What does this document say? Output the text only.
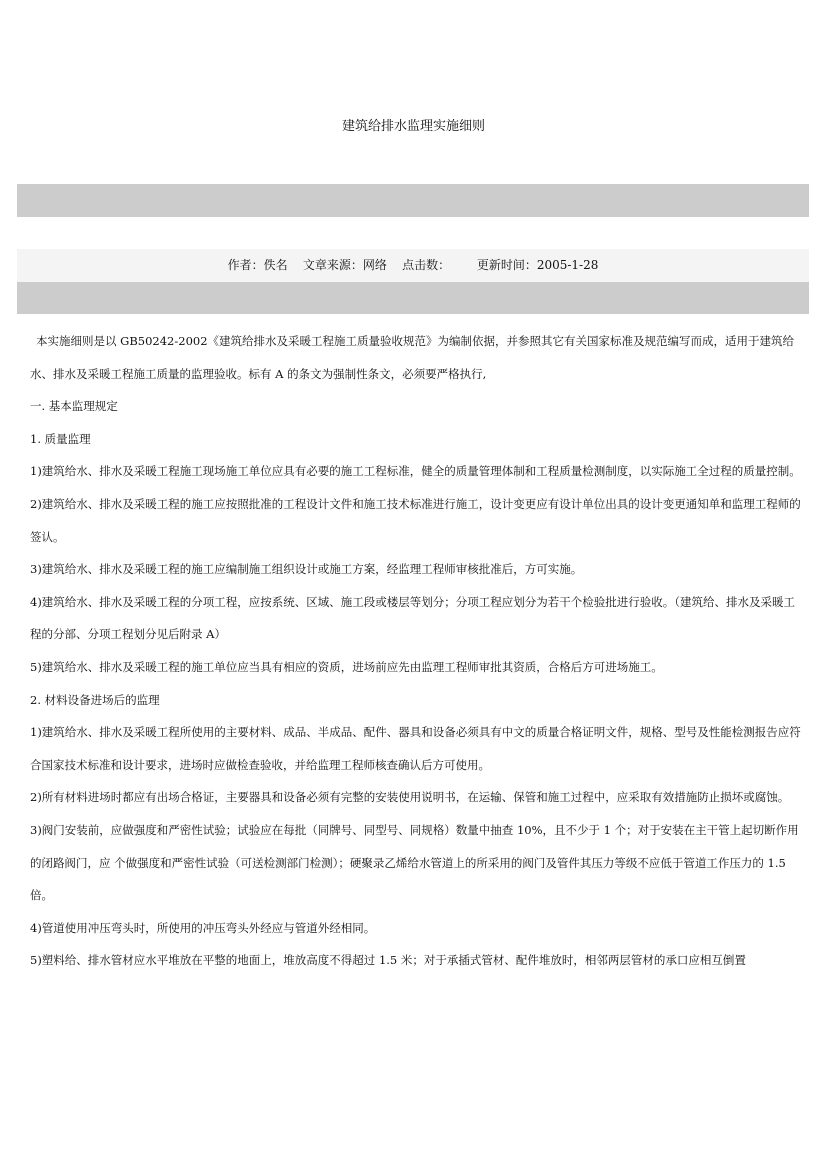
建筑给排水监理实施细则
作者：佚名    文章来源：网络    点击数：       更新时间：2005-1-28

本实施细则是以 GB50242-2002《建筑给排水及采暖工程施工质量验收规范》为编制依据，并参照其它有关国家标准及规范编写而成，适用于建筑给水、排水及采暖工程施工质量的监理验收。标有 A 的条文为强制性条文，必须要严格执行,

一. 基本监理规定

1. 质量监理

1)建筑给水、排水及采暖工程施工现场施工单位应具有必要的施工工程标准，健全的质量管理体制和工程质量检测制度，以实际施工全过程的质量控制。

2)建筑给水、排水及采暖工程的施工应按照批准的工程设计文件和施工技术标准进行施工，设计变更应有设计单位出具的设计变更通知单和监理工程师的签认。

3)建筑给水、排水及采暖工程的施工应编制施工组织设计或施工方案，经监理工程师审核批准后，方可实施。

4)建筑给水、排水及采暖工程的分项工程，应按系统、区域、施工段或楼层等划分；分项工程应划分为若干个检验批进行验收。（建筑给、排水及采暖工程的分部、分项工程划分见后附录 A）

5)建筑给水、排水及采暖工程的施工单位应当具有相应的资质，进场前应先由监理工程师审批其资质，合格后方可进场施工。

2. 材料设备进场后的监理

1)建筑给水、排水及采暖工程所使用的主要材料、成品、半成品、配件、器具和设备必须具有中文的质量合格证明文件，规格、型号及性能检测报告应符合国家技术标准和设计要求，进场时应做检查验收，并给监理工程师核查确认后方可使用。

2)所有材料进场时都应有出场合格证，主要器具和设备必须有完整的安装使用说明书，在运输、保管和施工过程中，应采取有效措施防止损坏或腐蚀。

3)阀门安装前，应做强度和严密性试验；试验应在每批（同牌号、同型号、同规格）数量中抽查 10%，且不少于 1 个；对于安装在主干管上起切断作用的闭路阀门，应 个做强度和严密性试验（可送检测部门检测）；硬聚录乙烯给水管道上的所采用的阀门及管件其压力等级不应低于管道工作压力的 1.5 倍。

4)管道使用冲压弯头时，所使用的冲压弯头外经应与管道外经相同。

5)塑料给、排水管材应水平堆放在平整的地面上，堆放高度不得超过 1.5 米；对于承插式管材、配件堆放时，相邻两层管材的承口应相互倒置
